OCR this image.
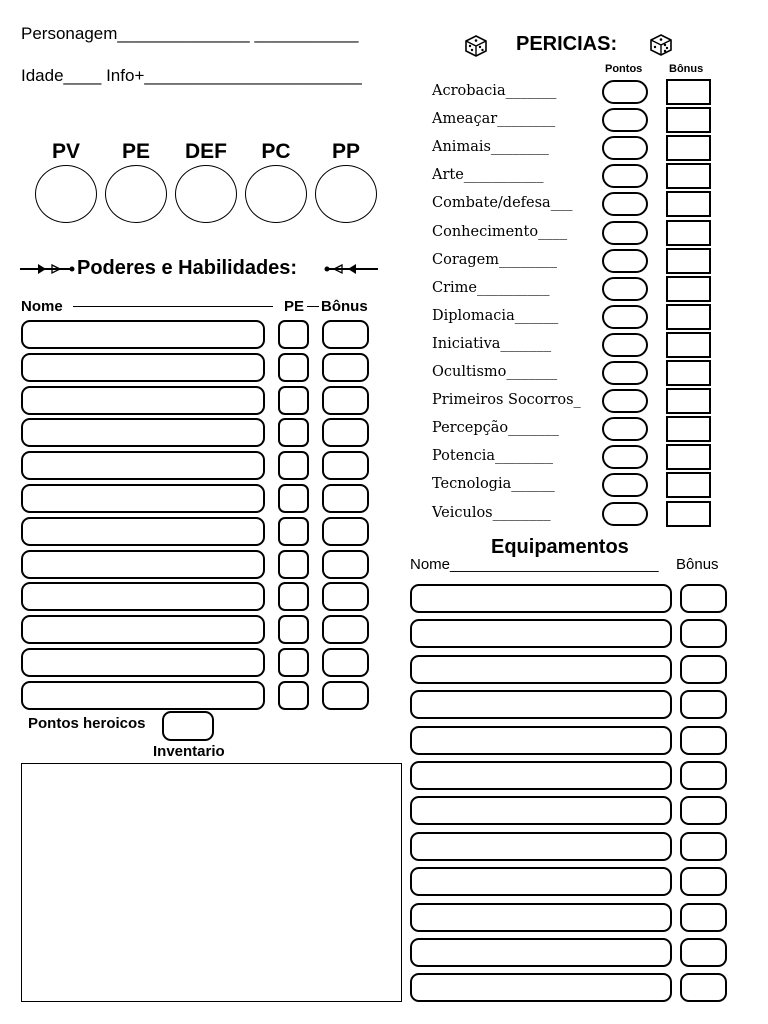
Personagem______________ ___________
Idade____ Info+_______________________
PV	PE	DEF	PC	PP
Poderes e Habilidades:
Nome	PE Bônus
Pontos heroicos
Inventario
PERICIAS:
Pontos Bônus
Acrobacia_______
Ameaçar________
Animais________
Arte___________
Combate/defesa___
Conhecimento____
Coragem________
Crime__________
Diplomacia______
Iniciativa_______
Ocultismo_______
Primeiros Socorros_
Percepção_______
Potencia________
Tecnologia______
Veiculos________
Equipamentos
Nome_________________________ Bônus
